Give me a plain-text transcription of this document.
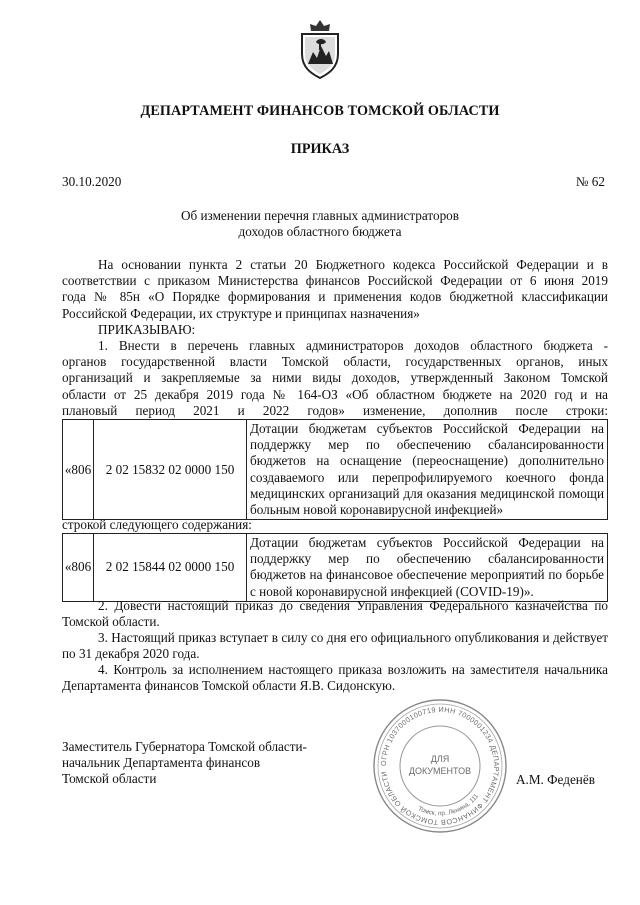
ДЕПАРТАМЕНТ ФИНАНСОВ ТОМСКОЙ ОБЛАСТИ
ПРИКАЗ
30.10.2020	№ 62
Об изменении перечня главных администраторов
доходов областного бюджета
На основании пункта 2 статьи 20 Бюджетного кодекса Российской Федерации и в
соответствии с приказом Министерства финансов Российской Федерации от 6 июня 2019
года № 85н «О Порядке формирования и применения кодов бюджетной классификации
Российской Федерации, их структуре и принципах назначения»
ПРИКАЗЫВАЮ:
1. Внести в перечень главных администраторов доходов областного бюджета -
органов государственной власти Томской области, государственных органов, иных
организаций и закрепляемые за ними виды доходов, утвержденный Законом Томской
области от 25 декабря 2019 года № 164-ОЗ «Об областном бюджете на 2020 год и на
плановый период 2021 и 2022 годов» изменение, дополнив после строки:
«806	2 02 15832 02 0000 150	Дотации бюджетам субъектов Российской Федерации на поддержку мер по обеспечению сбалансированности бюджетов на оснащение (переоснащение) дополнительно создаваемого или перепрофилируемого коечного фонда медицинских организаций для оказания медицинской помощи больным новой коронавирусной инфекцией»
строкой следующего содержания:
«806	2 02 15844 02 0000 150	Дотации бюджетам субъектов Российской Федерации на поддержку мер по обеспечению сбалансированности бюджетов на финансовое обеспечение мероприятий по борьбе с новой коронавирусной инфекцией (COVID-19)».

2. Довести настоящий приказ до сведения Управления Федерального казначейства по Томской области.

3. Настоящий приказ вступает в силу со дня его официального опубликования и действует по 31 декабря 2020 года.

4. Контроль за исполнением настоящего приказа возложить на заместителя начальника Департамента финансов Томской области Я.В. Сидонскую.

Заместитель Губернатора Томской области-
начальник Департамента финансов
Томской области
ОГРН 1037000100719 ИНН 7000001234 ДЕПАРТАМЕНТ ФИНАНСОВ ТОМСКОЙ ОБЛАСТИ
ДЛЯ
ДОКУМЕНТОВ
Томск, пр. Ленина, 111
А.М. Феденёв
